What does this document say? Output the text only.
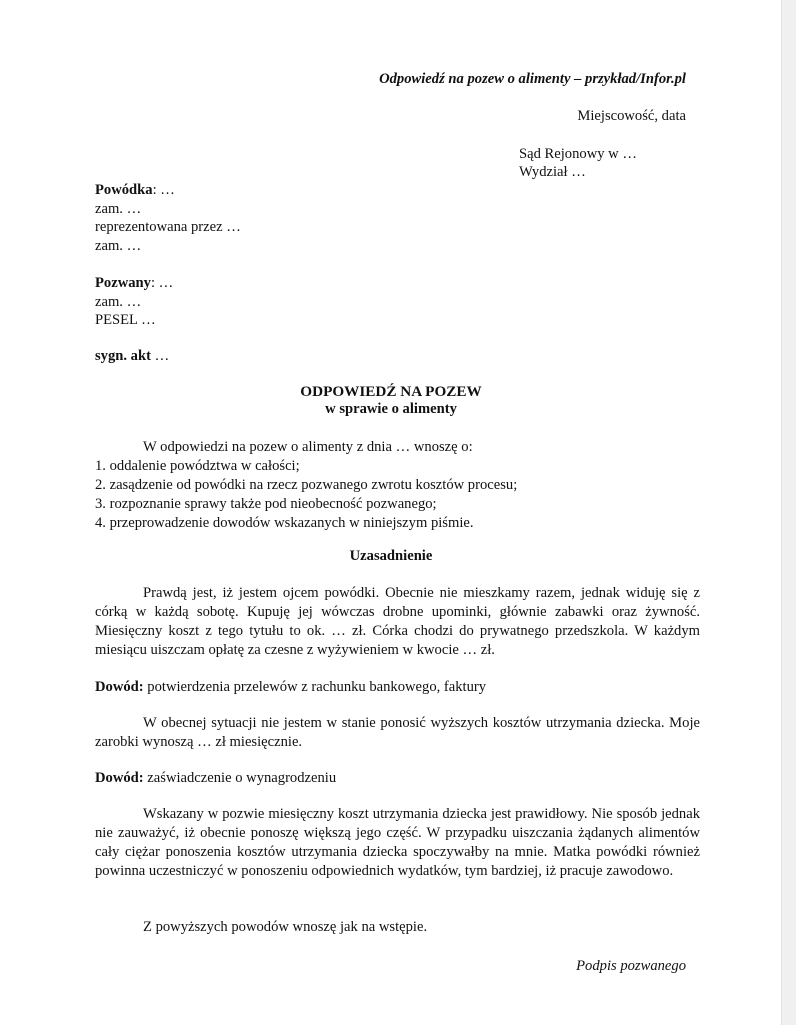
Odpowiedź na pozew o alimenty – przykład/Infor.pl
Miejscowość, data
Sąd Rejonowy w …
Wydział …
Powódka: …
zam. …
reprezentowana przez …
zam. …
Pozwany: …
zam. …
PESEL …
sygn. akt …
ODPOWIEDŹ NA POZEW
w sprawie o alimenty
W odpowiedzi na pozew o alimenty z dnia … wnoszę o:
1. oddalenie powództwa w całości;
2. zasądzenie od powódki na rzecz pozwanego zwrotu kosztów procesu;
3. rozpoznanie sprawy także pod nieobecność pozwanego;
4. przeprowadzenie dowodów wskazanych w niniejszym piśmie.
Uzasadnienie
Prawdą jest, iż jestem ojcem powódki. Obecnie nie mieszkamy razem, jednak widuję się z córką w każdą sobotę. Kupuję jej wówczas drobne upominki, głównie zabawki oraz żywność. Miesięczny koszt z tego tytułu to ok. … zł. Córka chodzi do prywatnego przedszkola. W każdym miesiącu uiszczam opłatę za czesne z wyżywieniem w kwocie … zł.
Dowód: potwierdzenia przelewów z rachunku bankowego, faktury
W obecnej sytuacji nie jestem w stanie ponosić wyższych kosztów utrzymania dziecka. Moje zarobki wynoszą … zł miesięcznie.
Dowód: zaświadczenie o wynagrodzeniu
Wskazany w pozwie miesięczny koszt utrzymania dziecka jest prawidłowy. Nie sposób jednak nie zauważyć, iż obecnie ponoszę większą jego część. W przypadku uiszczania żądanych alimentów cały ciężar ponoszenia kosztów utrzymania dziecka spoczywałby na mnie. Matka powódki również powinna uczestniczyć w ponoszeniu odpowiednich wydatków, tym bardziej, iż pracuje zawodowo.
Z powyższych powodów wnoszę jak na wstępie.
Podpis pozwanego
